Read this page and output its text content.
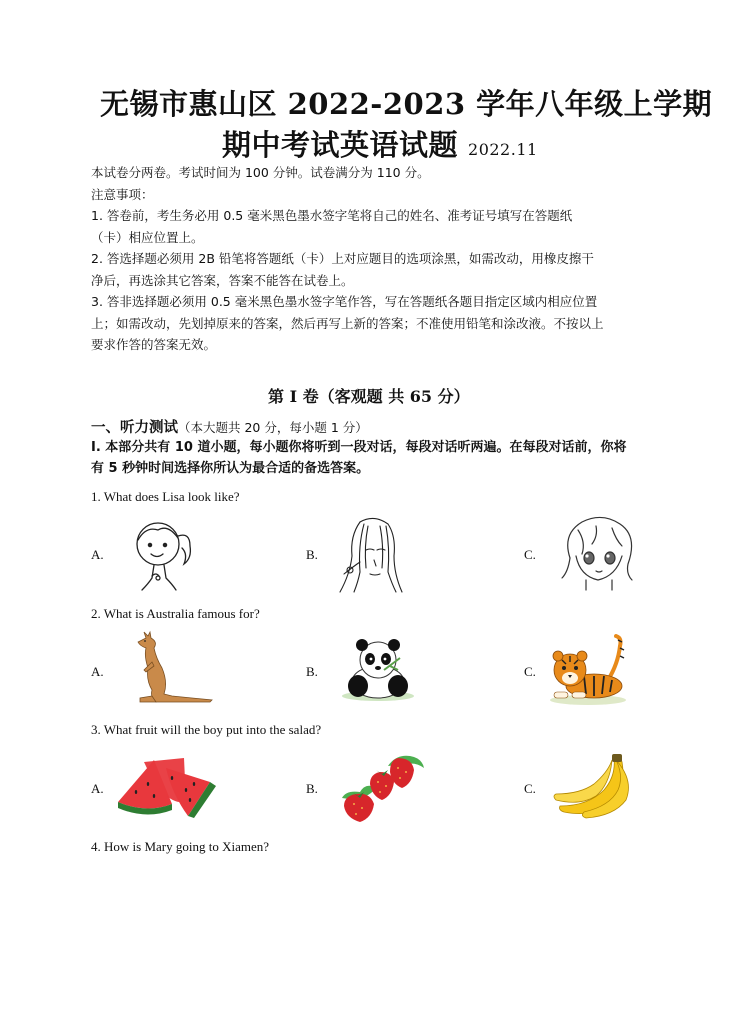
无锡市惠山区 2022-2023 学年八年级上学期
期中考试英语试题 2022.11
本试卷分两卷。考试时间为 100 分钟。试卷满分为 110 分。
注意事项：
1. 答卷前，考生务必用 0.5 毫米黑色墨水签字笔将自己的姓名、准考证号填写在答题纸
（卡）相应位置上。
2. 答选择题必须用 2B 铅笔将答题纸（卡）上对应题目的选项涂黑，如需改动，用橡皮擦干
净后，再选涂其它答案，答案不能答在试卷上。
3. 答非选择题必须用 0.5 毫米黑色墨水签字笔作答，写在答题纸各题目指定区域内相应位置
上；如需改动，先划掉原来的答案，然后再写上新的答案；不准使用铅笔和涂改液。不按以上
要求作答的答案无效。
第 I 卷（客观题 共 65 分）
一、听力测试（本大题共 20 分，每小题 1 分）
Ⅰ. 本部分共有 10 道小题，每小题你将听到一段对话，每段对话听两遍。在每段对话前，你将
有 5 秒钟时间选择你所认为最合适的备选答案。
1. What does Lisa look like?
A.	B.	C.
2. What is Australia famous for?
A.	B.	C.
3. What fruit will the boy put into the salad?
A.	B.	C.
4. How is Mary going to Xiamen?
